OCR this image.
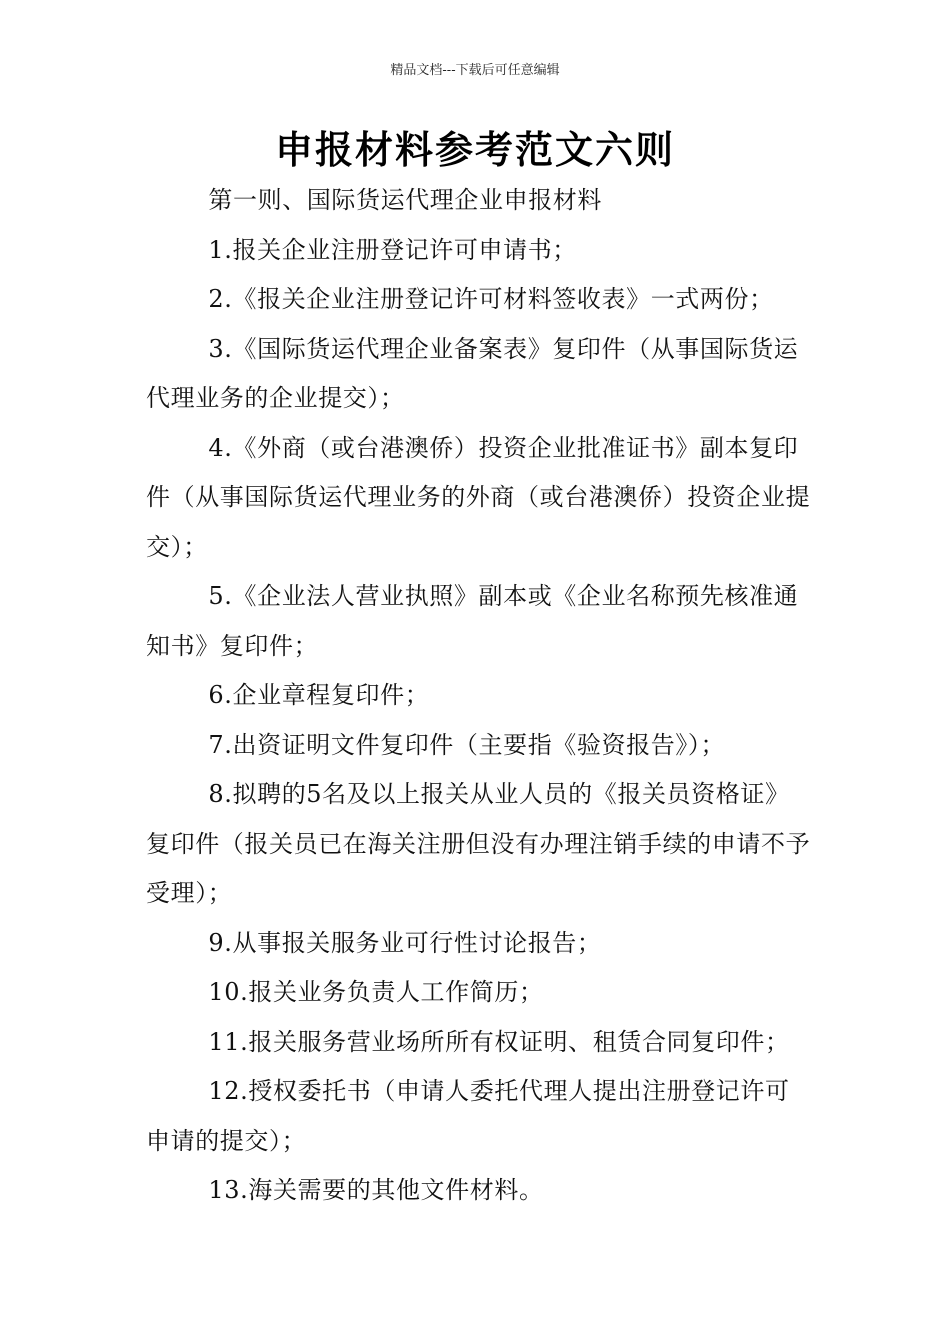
精品文档---下载后可任意编辑
申报材料参考范文六则

第一则、国际货运代理企业申报材料

1.报关企业注册登记许可申请书；

2.《报关企业注册登记许可材料签收表》一式两份；

3.《国际货运代理企业备案表》复印件（从事国际货运代理业务的企业提交）；

4.《外商（或台港澳侨）投资企业批准证书》副本复印件（从事国际货运代理业务的外商（或台港澳侨）投资企业提交）；

5.《企业法人营业执照》副本或《企业名称预先核准通知书》复印件；

6.企业章程复印件；

7.出资证明文件复印件（主要指《验资报告》）；

8.拟聘的5名及以上报关从业人员的《报关员资格证》复印件（报关员已在海关注册但没有办理注销手续的申请不予受理）；

9.从事报关服务业可行性讨论报告；

10.报关业务负责人工作简历；

11.报关服务营业场所所有权证明、租赁合同复印件；

12.授权委托书（申请人委托代理人提出注册登记许可申请的提交）；

13.海关需要的其他文件材料。
